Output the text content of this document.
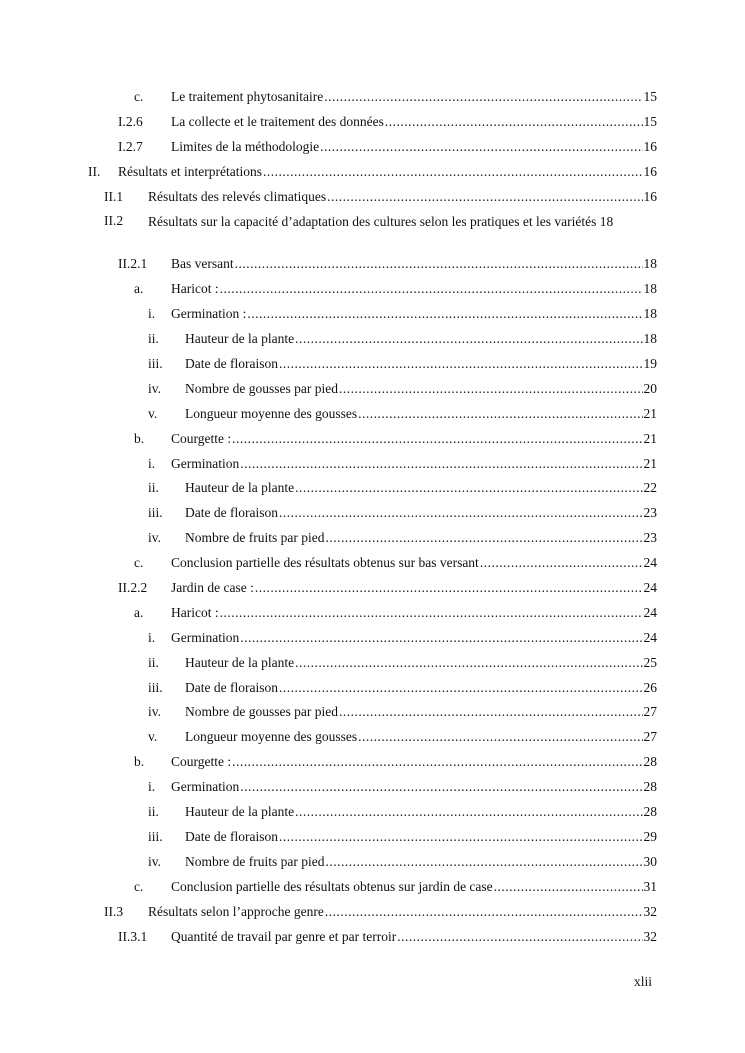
c. Le traitement phytosanitaire .....	15
I.2.6 La collecte et le traitement des données .....	15
I.2.7 Limites de la méthodologie .....	16
II. Résultats et interprétations .....	16
II.1 Résultats des relevés climatiques .....	16
II.2 Résultats sur la capacité d’adaptation des cultures selon les pratiques et les variétés 18
II.2.1 Bas versant .....	18
a. Haricot : .....	18
i. Germination : .....	18
ii. Hauteur de la plante .....	18
iii. Date de floraison .....	19
iv. Nombre de gousses par pied .....	20
v. Longueur moyenne des gousses .....	21
b. Courgette : .....	21
i. Germination .....	21
ii. Hauteur de la plante .....	22
iii. Date de floraison .....	23
iv. Nombre de fruits par pied .....	23
c. Conclusion partielle des résultats obtenus sur bas versant .....	24
II.2.2 Jardin de case : .....	24
a. Haricot : .....	24
i. Germination .....	24
ii. Hauteur de la plante .....	25
iii. Date de floraison .....	26
iv. Nombre de gousses par pied .....	27
v. Longueur moyenne des gousses .....	27
b. Courgette : .....	28
i. Germination .....	28
ii. Hauteur de la plante .....	28
iii. Date de floraison .....	29
iv. Nombre de fruits par pied .....	30
c. Conclusion partielle des résultats obtenus sur jardin de case .....	31
II.3 Résultats selon l’approche genre .....	32
II.3.1 Quantité de travail par genre et par terroir .....	32
xlii
